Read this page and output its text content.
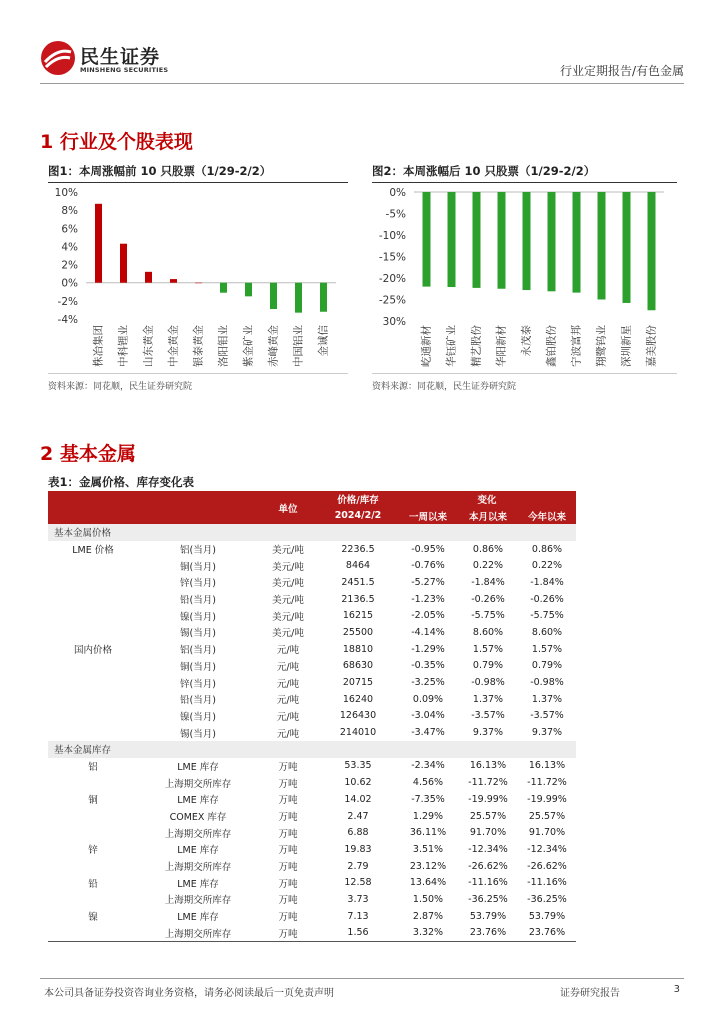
民生证券
MINSHENG SECURITIES	行业定期报告/有色金属
1 行业及个股表现
图1：本周涨幅前 10 只股票（1/29-2/2）	图2：本周涨幅后 10 只股票（1/29-2/2）
10%
8%
6%
4%
2%
0%
-2%
-4%
株冶集团 中科锂业 山东黄金 中金黄金 银泰黄金 洛阳钼业 紫金矿业 赤峰黄金 中国铝业 金诚信
0%
-5%
-10%
-15%
-20%
-25%
30%
屹通新材 华钰矿业 精艺股份 华阳新材 永茂泰 鑫铂股份 宁波富邦 翔鹭钨业 深圳新星 嘉美股份
资料来源：同花顺，民生证券研究院	资料来源：同花顺，民生证券研究院
2 基本金属
表1：金属价格、库存变化表
		单位	价格/库存	变化		
			2024/2/2	一周以来	本月以来	今年以来
基本金属价格						
LME 价格	铝(当月)	美元/吨	2236.5	-0.95%	0.86%	0.86%
	铜(当月)	美元/吨	8464	-0.76%	0.22%	0.22%
	锌(当月)	美元/吨	2451.5	-5.27%	-1.84%	-1.84%
	铅(当月)	美元/吨	2136.5	-1.23%	-0.26%	-0.26%
	镍(当月)	美元/吨	16215	-2.05%	-5.75%	-5.75%
	锡(当月)	美元/吨	25500	-4.14%	8.60%	8.60%
国内价格	铝(当月)	元/吨	18810	-1.29%	1.57%	1.57%
	铜(当月)	元/吨	68630	-0.35%	0.79%	0.79%
	锌(当月)	元/吨	20715	-3.25%	-0.98%	-0.98%
	铅(当月)	元/吨	16240	0.09%	1.37%	1.37%
	镍(当月)	元/吨	126430	-3.04%	-3.57%	-3.57%
	锡(当月)	元/吨	214010	-3.47%	9.37%	9.37%
基本金属库存						
铝	LME 库存	万吨	53.35	-2.34%	16.13%	16.13%
	上海期交所库存	万吨	10.62	4.56%	-11.72%	-11.72%
铜	LME 库存	万吨	14.02	-7.35%	-19.99%	-19.99%
	COMEX 库存	万吨	2.47	1.29%	25.57%	25.57%
	上海期交所库存	万吨	6.88	36.11%	91.70%	91.70%
锌	LME 库存	万吨	19.83	3.51%	-12.34%	-12.34%
	上海期交所库存	万吨	2.79	23.12%	-26.62%	-26.62%
铅	LME 库存	万吨	12.58	13.64%	-11.16%	-11.16%
	上海期交所库存	万吨	3.73	1.50%	-36.25%	-36.25%
镍	LME 库存	万吨	7.13	2.87%	53.79%	53.79%
	上海期交所库存	万吨	1.56	3.32%	23.76%	23.76%
本公司具备证券投资咨询业务资格，请务必阅读最后一页免责声明	证券研究报告	3
